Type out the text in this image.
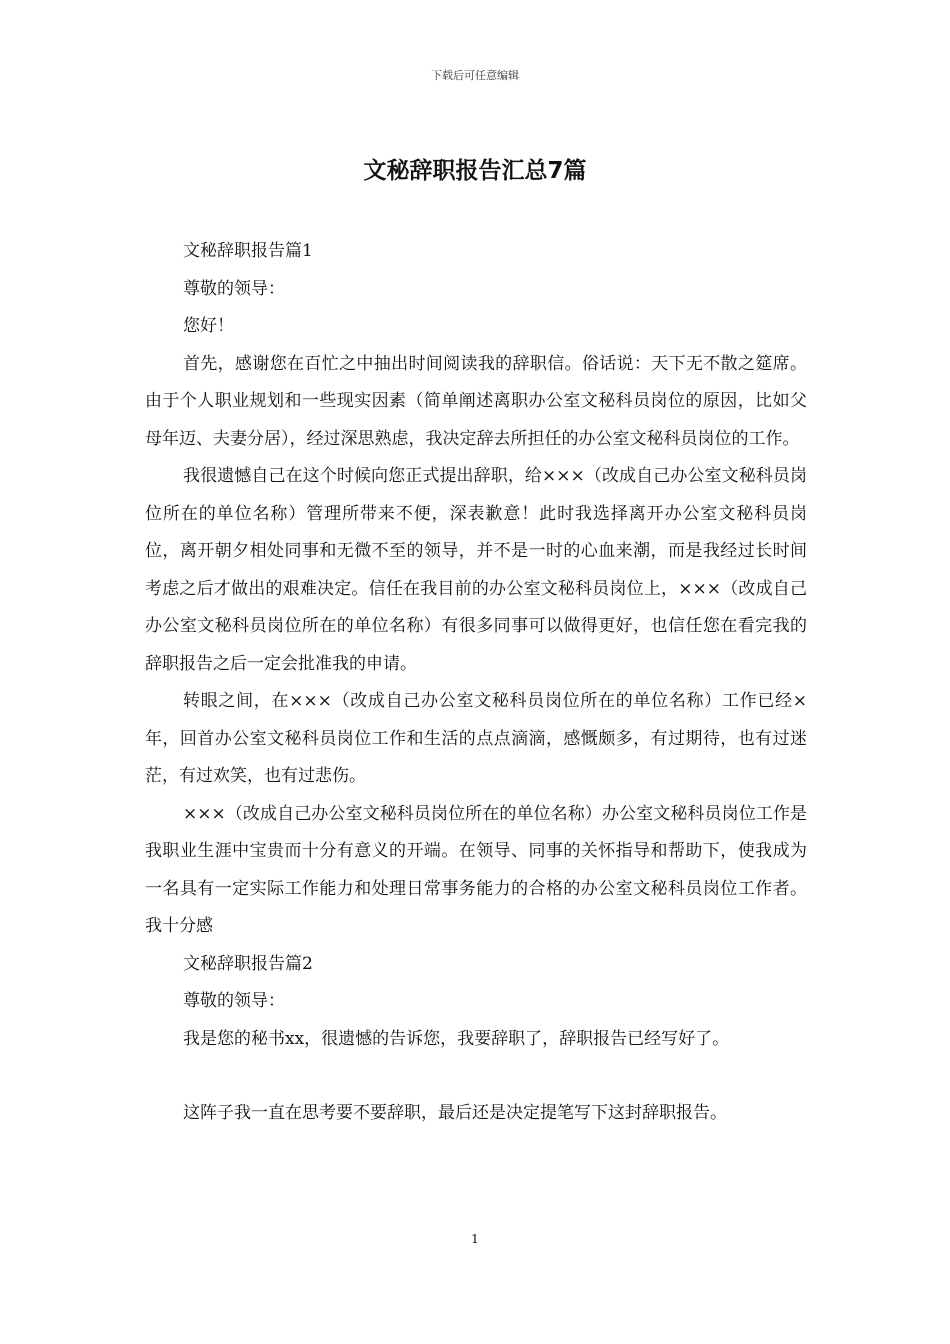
下载后可任意编辑
文秘辞职报告汇总7篇

文秘辞职报告篇1

尊敬的领导：

您好！

首先，感谢您在百忙之中抽出时间阅读我的辞职信。俗话说：天下无不散之筵席。由于个人职业规划和一些现实因素（简单阐述离职办公室文秘科员岗位的原因，比如父母年迈、夫妻分居），经过深思熟虑，我决定辞去所担任的办公室文秘科员岗位的工作。

我很遗憾自己在这个时候向您正式提出辞职，给×××（改成自己办公室文秘科员岗位所在的单位名称）管理所带来不便，深表歉意！此时我选择离开办公室文秘科员岗位，离开朝夕相处同事和无微不至的领导，并不是一时的心血来潮，而是我经过长时间考虑之后才做出的艰难决定。信任在我目前的办公室文秘科员岗位上，×××（改成自己办公室文秘科员岗位所在的单位名称）有很多同事可以做得更好，也信任您在看完我的辞职报告之后一定会批准我的申请。

转眼之间，在×××（改成自己办公室文秘科员岗位所在的单位名称）工作已经×年，回首办公室文秘科员岗位工作和生活的点点滴滴，感慨颇多，有过期待，也有过迷茫，有过欢笑，也有过悲伤。

×××（改成自己办公室文秘科员岗位所在的单位名称）办公室文秘科员岗位工作是我职业生涯中宝贵而十分有意义的开端。在领导、同事的关怀指导和帮助下，使我成为一名具有一定实际工作能力和处理日常事务能力的合格的办公室文秘科员岗位工作者。我十分感

文秘辞职报告篇2

尊敬的领导：

我是您的秘书xx，很遗憾的告诉您，我要辞职了，辞职报告已经写好了。

这阵子我一直在思考要不要辞职，最后还是决定提笔写下这封辞职报告。

1
